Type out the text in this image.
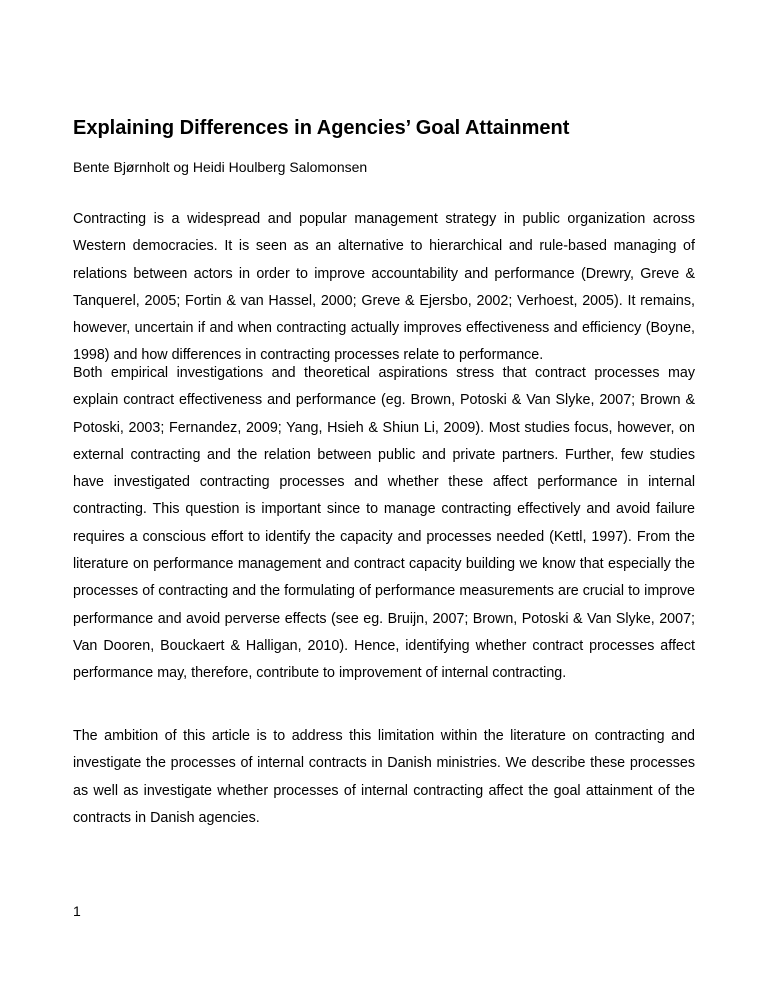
Explaining Differences in Agencies’ Goal Attainment

Bente Bjørnholt og Heidi Houlberg Salomonsen

Contracting is a widespread and popular management strategy in public organization across Western democracies. It is seen as an alternative to hierarchical and rule-based managing of relations between actors in order to improve accountability and performance (Drewry, Greve & Tanquerel, 2005; Fortin & van Hassel, 2000; Greve & Ejersbo, 2002; Verhoest, 2005). It remains, however, uncertain if and when contracting actually improves effectiveness and efficiency (Boyne, 1998) and how differences in contracting processes relate to performance.

Both empirical investigations and theoretical aspirations stress that contract processes may explain contract effectiveness and performance (eg. Brown, Potoski & Van Slyke, 2007; Brown & Potoski, 2003; Fernandez, 2009; Yang, Hsieh & Shiun Li, 2009). Most studies focus, however, on external contracting and the relation between public and private partners. Further, few studies have investigated contracting processes and whether these affect performance in internal contracting. This question is important since to manage contracting effectively and avoid failure requires a conscious effort to identify the capacity and processes needed (Kettl, 1997). From the literature on performance management and contract capacity building we know that especially the processes of contracting and the formulating of performance measurements are crucial to improve performance and avoid perverse effects (see eg. Bruijn, 2007; Brown, Potoski & Van Slyke, 2007; Van Dooren, Bouckaert & Halligan, 2010). Hence, identifying whether contract processes affect performance may, therefore, contribute to improvement of internal contracting.

The ambition of this article is to address this limitation within the literature on contracting and investigate the processes of internal contracts in Danish ministries. We describe these processes as well as investigate whether processes of internal contracting affect the goal attainment of the contracts in Danish agencies.

1
